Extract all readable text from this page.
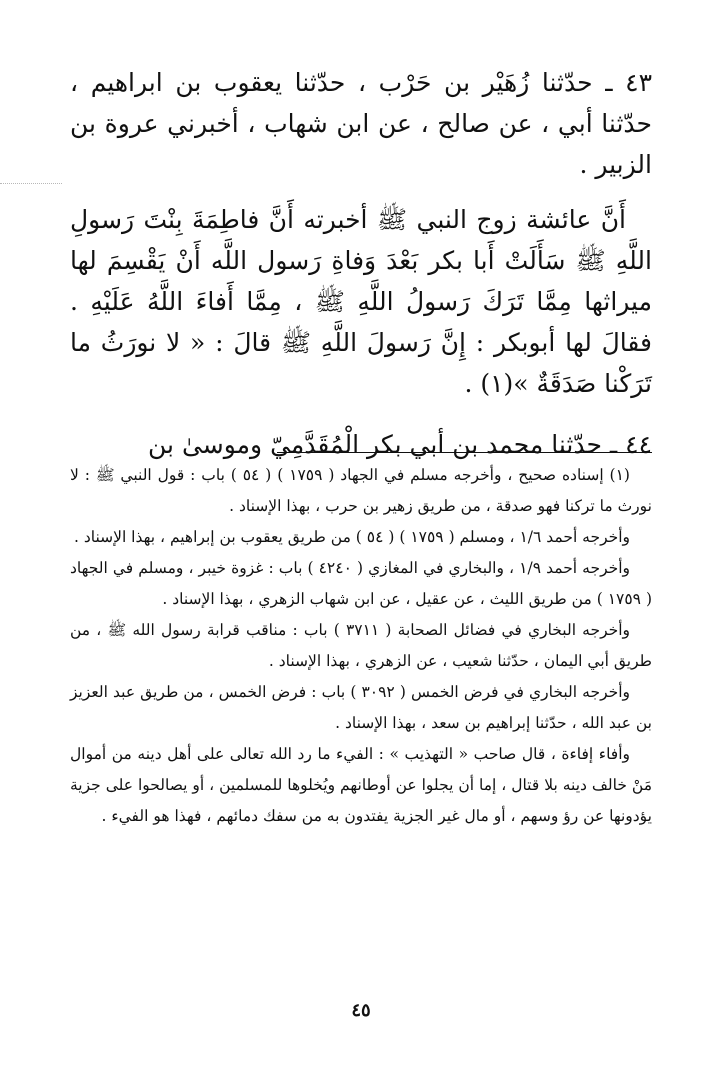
٤٣ ـ حدّثنا زُهَيْر بن حَرْب ، حدّثنا يعقوب بن ابراهيم ، حدّثنا أبي ، عن صالح ، عن ابن شهاب ، أخبرني عروة بن الزبير .

أَنَّ عائشة زوج النبي ﷺ أخبرته أَنَّ فاطِمَةَ بِنْتَ رَسولِ اللَّهِ ﷺ سَأَلَتْ أَبا بكر بَعْدَ وَفاةِ رَسول اللَّه أَنْ يَقْسِمَ لها ميراثها مِمَّا تَرَكَ رَسولُ اللَّهِ ﷺ ، مِمَّا أَفاءَ اللَّهُ عَلَيْهِ . فقالَ لها أبوبكر : إِنَّ رَسولَ اللَّهِ ﷺ قالَ : « لا نورَثُ ما تَرَكْنا صَدَقَةٌ »(١) .

٤٤ ـ حدّثنا محمد بن أبي بكر الْمُقَدَّمِيّ وموسىٰ بن

(١) إسناده صحيح ، وأخرجه مسلم في الجهاد ( ١٧٥٩ ) ( ٥٤ ) باب : قول النبي ﷺ : لا نورث ما تركنا فهو صدقة ، من طريق زهير بن حرب ، بهذا الإسناد .

وأخرجه أحمد ١/٦ ، ومسلم ( ١٧٥٩ ) ( ٥٤ ) من طريق يعقوب بن إبراهيم ، بهذا الإسناد .

وأخرجه أحمد ١/٩ ، والبخاري في المغازي ( ٤٢٤٠ ) باب : غزوة خيبر ، ومسلم في الجهاد ( ١٧٥٩ ) من طريق الليث ، عن عقيل ، عن ابن شهاب الزهري ، بهذا الإسناد .

وأخرجه البخاري في فضائل الصحابة ( ٣٧١١ ) باب : مناقب قرابة رسول الله ﷺ ، من طريق أبي اليمان ، حدّثنا شعيب ، عن الزهري ، بهذا الإسناد .

وأخرجه البخاري في فرض الخمس ( ٣٠٩٢ ) باب : فرض الخمس ، من طريق عبد العزيز بن عبد الله ، حدّثنا إبراهيم بن سعد ، بهذا الإسناد .

وأفاء إفاءة ، قال صاحب « التهذيب » : الفيء ما رد الله تعالى على أهل دينه من أموال مَنْ خالف دينه بلا قتال ، إما أن يجلوا عن أوطانهم ويُخلوها للمسلمين ، أو يصالحوا على جزية يؤدونها عن رؤ وسهم ، أو مال غير الجزية يفتدون به من سفك دمائهم ، فهذا هو الفيء .

٤٥
